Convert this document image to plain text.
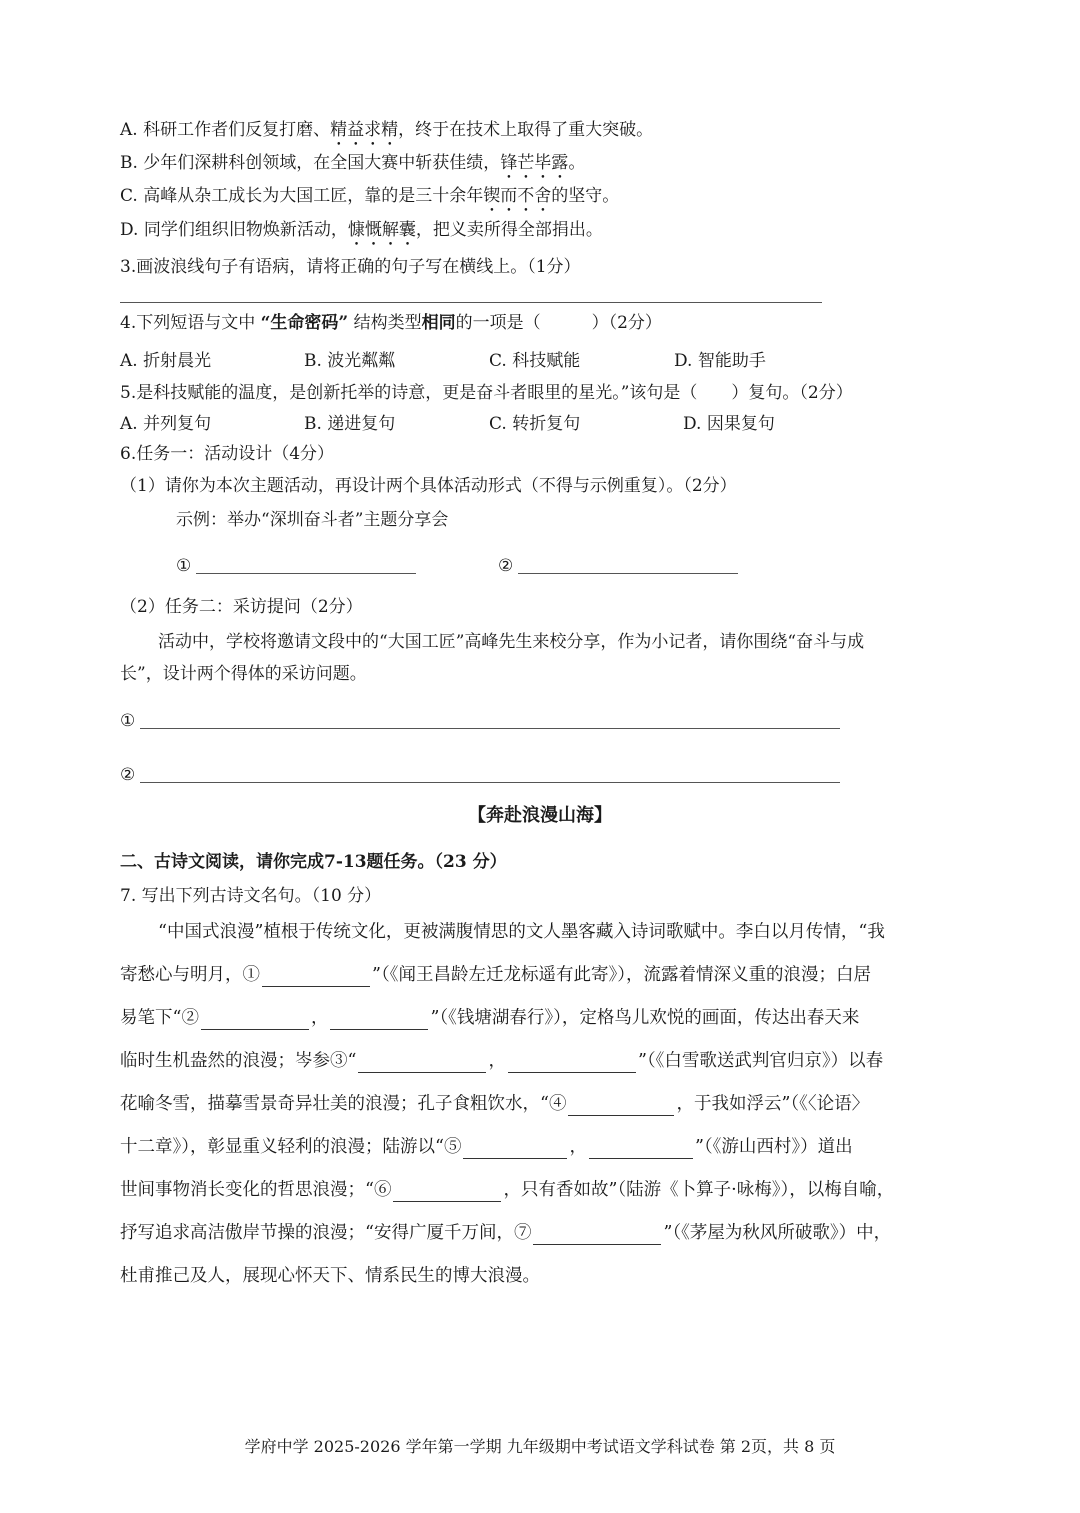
A. 科研工作者们反复打磨、精益求精，终于在技术上取得了重大突破。
B. 少年们深耕科创领域，在全国大赛中斩获佳绩，锋芒毕露。
C. 高峰从杂工成长为大国工匠，靠的是三十余年锲而不舍的坚守。
D. 同学们组织旧物焕新活动，慷慨解囊，把义卖所得全部捐出。
3.画波浪线句子有语病，请将正确的句子写在横线上。（1分）
4.下列短语与文中 “生命密码” 结构类型相同的一项是（　　　）（2分）
A. 折射晨光	B. 波光粼粼	C. 科技赋能	D. 智能助手
5.是科技赋能的温度，是创新托举的诗意，更是奋斗者眼里的星光。”该句是（　　）复句。（2分）
A. 并列复句	B. 递进复句	C. 转折复句	D. 因果复句
6.任务一：活动设计（4分）
（1）请你为本次主题活动，再设计两个具体活动形式（不得与示例重复）。（2分）
示例：举办“深圳奋斗者”主题分享会
①	②
（2）任务二：采访提问（2分）
活动中，学校将邀请文段中的“大国工匠”高峰先生来校分享，作为小记者，请你围绕“奋斗与成
长”，设计两个得体的采访问题。
①
②
【奔赴浪漫山海】
二、古诗文阅读，请你完成7-13题任务。（23 分）
7. 写出下列古诗文名句。（10 分）
“中国式浪漫”植根于传统文化，更被满腹情思的文人墨客藏入诗词歌赋中。李白以月传情，“我
寄愁心与明月，①	”（《闻王昌龄左迁龙标遥有此寄》），流露着情深义重的浪漫；白居
易笔下“②	，	”（《钱塘湖春行》），定格鸟儿欢悦的画面，传达出春天来
临时生机盎然的浪漫；岑参③“	，	”（《白雪歌送武判官归京》）以春
花喻冬雪，描摹雪景奇异壮美的浪漫；孔子食粗饮水，“④	，于我如浮云”（《〈论语〉
十二章》），彰显重义轻利的浪漫；陆游以“⑤	，	”（《游山西村》）道出
世间事物消长变化的哲思浪漫；“⑥	，只有香如故”（陆游《卜算子·咏梅》），以梅自喻，
抒写追求高洁傲岸节操的浪漫；“安得广厦千万间，⑦	”（《茅屋为秋风所破歌》）中，
杜甫推己及人，展现心怀天下、情系民生的博大浪漫。
学府中学 2025-2026 学年第一学期 九年级期中考试语文学科试卷 第 2页，共 8 页
